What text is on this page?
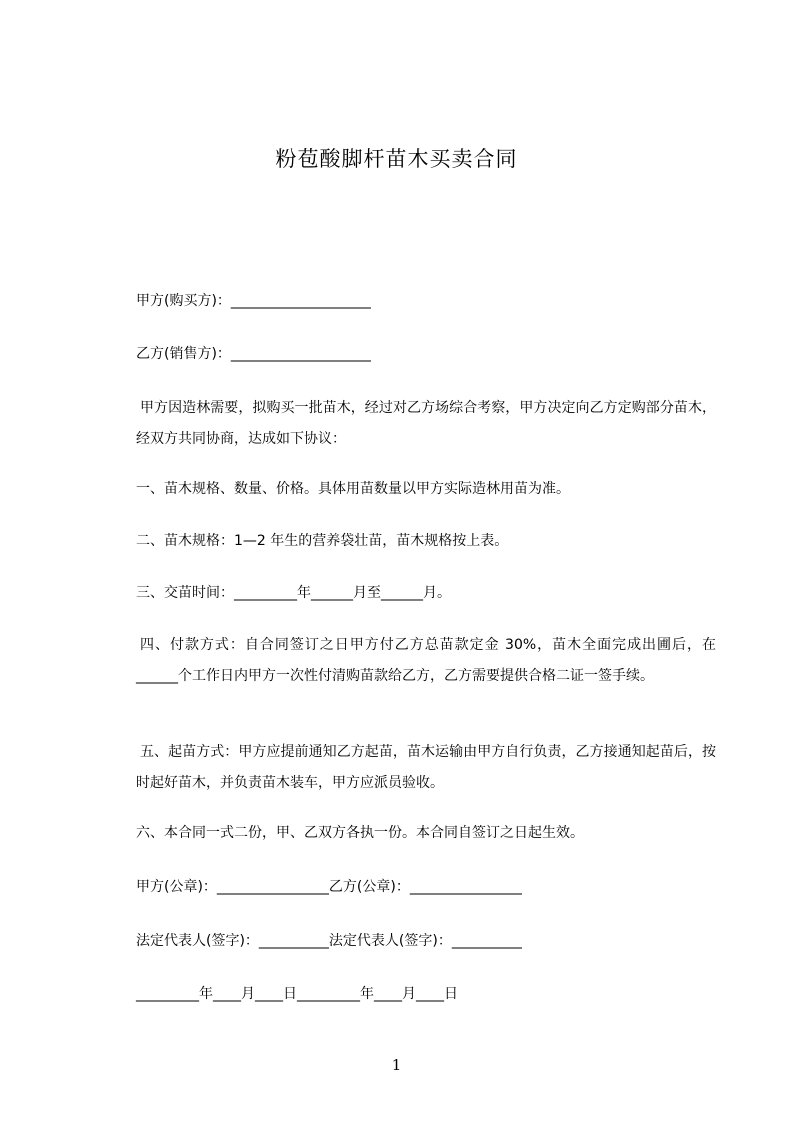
粉苞酸脚杆苗木买卖合同
甲方(购买方)：____________________
乙方(销售方)：____________________
甲方因造林需要，拟购买一批苗木，经过对乙方场综合考察，甲方决定向乙方定购部分苗木，经双方共同协商，达成如下协议：
一、苗木规格、数量、价格。具体用苗数量以甲方实际造林用苗为准。
二、苗木规格：1—2 年生的营养袋壮苗，苗木规格按上表。
三、交苗时间：_________年______月至______月。
四、付款方式：自合同签订之日甲方付乙方总苗款定金 30%，苗木全面完成出圃后，在______个工作日内甲方一次性付清购苗款给乙方，乙方需要提供合格二证一签手续。
五、起苗方式：甲方应提前通知乙方起苗，苗木运输由甲方自行负责，乙方接通知起苗后，按时起好苗木，并负责苗木装车，甲方应派员验收。
六、本合同一式二份，甲、乙双方各执一份。本合同自签订之日起生效。
甲方(公章)：________________乙方(公章)：________________
法定代表人(签字)：__________法定代表人(签字)：__________
_________年____月____日_________年____月____日
1
